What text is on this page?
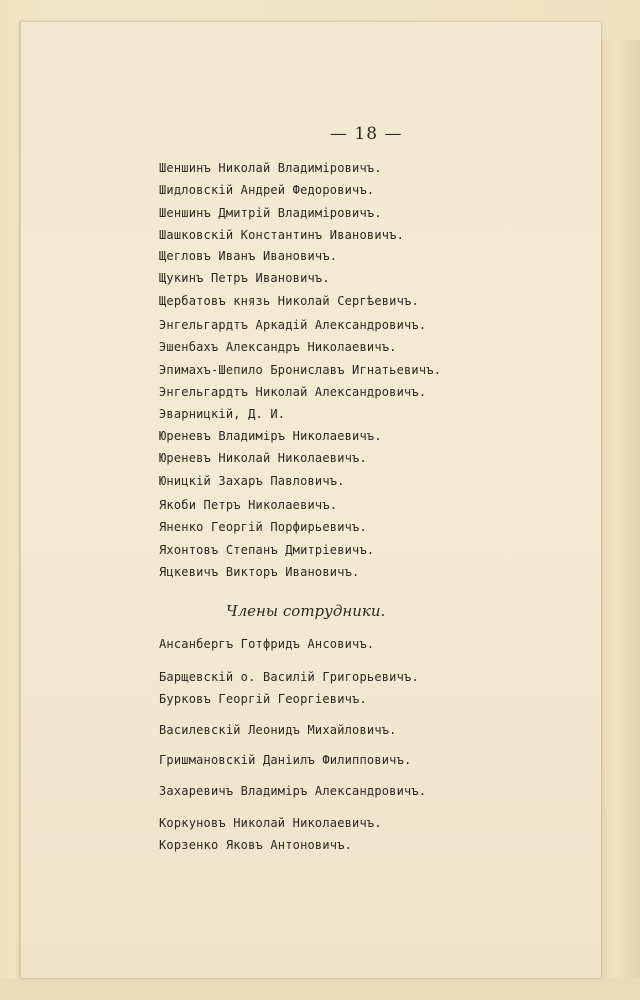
— 18 —
Шеншинъ Николай Владиміровичъ.
Шидловскій Андрей Федоровичъ.
Шеншинъ Дмитрій Владиміровичъ.
Шашковскій Константинъ Ивановичъ.
Щегловъ Иванъ Ивановичъ.
Щукинъ Петръ Ивановичъ.
Щербатовъ князь Николай Сергѣевичъ.
Энгельгардтъ Аркадій Александровичъ.
Эшенбахъ Александръ Николаевичъ.
Эпимахъ-Шепило Брониславъ Игнатьевичъ.
Энгельгардтъ Николай Александровичъ.
Эварницкій, Д. И.
Юреневъ Владиміръ Николаевичъ.
Юреневъ Николай Николаевичъ.
Юницкій Захаръ Павловичъ.
Якоби Петръ Николаевичъ.
Яненко Георгій Порфирьевичъ.
Яхонтовъ Степанъ Дмитріевичъ.
Яцкевичъ Викторъ Ивановичъ.
Члены сотрудники.
Ансанбергъ Готфридъ Ансовичъ.
Барщевскій о. Василій Григорьевичъ.
Бурковъ Георгій Георгіевичъ.
Василевскій Леонидъ Михайловичъ.
Гришмановскій Даніилъ Филипповичъ.
Захаревичъ Владиміръ Александровичъ.
Коркуновъ Николай Николаевичъ.
Корзенко Яковъ Антоновичъ.
